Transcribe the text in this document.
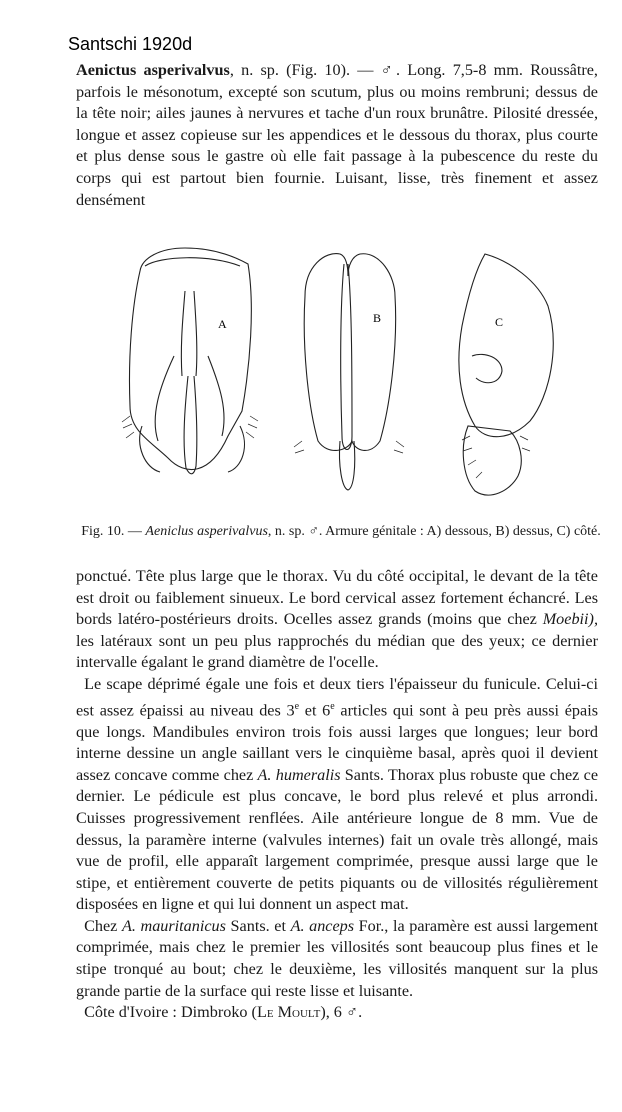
Santschi 1920d

Aenictus asperivalvus, n. sp. (Fig. 10). — ♂. Long. 7,5-8 mm. Roussâtre, parfois le mésonotum, excepté son scutum, plus ou moins rembruni; dessus de la tête noir; ailes jaunes à nervures et tache d'un roux brunâtre. Pilosité dressée, longue et assez copieuse sur les appendices et le dessous du thorax, plus courte et plus dense sous le gastre où elle fait passage à la pubescence du reste du corps qui est partout bien fournie. Luisant, lisse, très finement et assez densément

A	B	C
Fig. 10. — Aeniclus asperivalvus, n. sp. ♂. Armure génitale : A) dessous, B) dessus, C) côté.

ponctué. Tête plus large que le thorax. Vu du côté occipital, le devant de la tête est droit ou faiblement sinueux. Le bord cervical assez fortement échancré. Les bords latéro-postérieurs droits. Ocelles assez grands (moins que chez Moebii), les latéraux sont un peu plus rapprochés du médian que des yeux; ce dernier intervalle égalant le grand diamètre de l'ocelle.

Le scape déprimé égale une fois et deux tiers l'épaisseur du funicule. Celui-ci est assez épaissi au niveau des 3e et 6e articles qui sont à peu près aussi épais que longs. Mandibules environ trois fois aussi larges que longues; leur bord interne dessine un angle saillant vers le cinquième basal, après quoi il devient assez concave comme chez A. humeralis Sants. Thorax plus robuste que chez ce dernier. Le pédicule est plus concave, le bord plus relevé et plus arrondi. Cuisses progressivement renflées. Aile antérieure longue de 8 mm. Vue de dessus, la paramère interne (valvules internes) fait un ovale très allongé, mais vue de profil, elle apparaît largement comprimée, presque aussi large que le stipe, et entièrement couverte de petits piquants ou de villosités régulièrement disposées en ligne et qui lui donnent un aspect mat.

Chez A. mauritanicus Sants. et A. anceps For., la paramère est aussi largement comprimée, mais chez le premier les villosités sont beaucoup plus fines et le stipe tronqué au bout; chez le deuxième, les villosités manquent sur la plus grande partie de la surface qui reste lisse et luisante.

Côte d'Ivoire : Dimbroko (Le Moult), 6 ♂.
